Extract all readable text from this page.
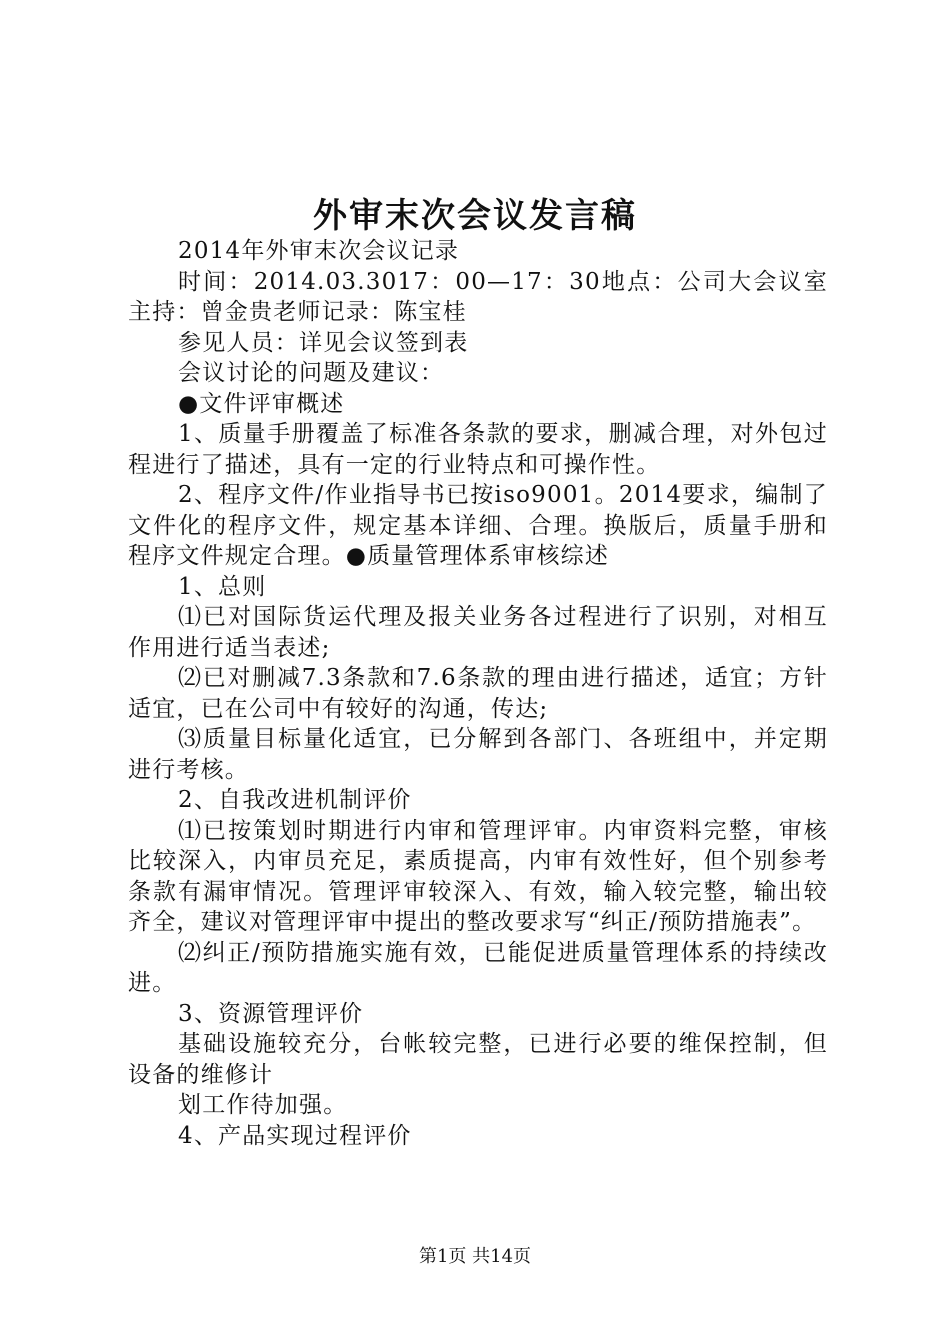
外审末次会议发言稿

2014年外审末次会议记录

时间：2014.03.3017：00—17：30地点：公司大会议室主持：曾金贵老师记录：陈宝桂

参见人员：详见会议签到表

会议讨论的问题及建议：

●文件评审概述

1、质量手册覆盖了标准各条款的要求，删减合理，对外包过程进行了描述，具有一定的行业特点和可操作性。

2、程序文件/作业指导书已按iso9001。2014要求，编制了文件化的程序文件，规定基本详细、合理。换版后，质量手册和程序文件规定合理。●质量管理体系审核综述

1、总则

⑴已对国际货运代理及报关业务各过程进行了识别，对相互作用进行适当表述;

⑵已对删减7.3条款和7.6条款的理由进行描述，适宜；方针适宜，已在公司中有较好的沟通，传达;

⑶质量目标量化适宜，已分解到各部门、各班组中，并定期进行考核。

2、自我改进机制评价

⑴已按策划时期进行内审和管理评审。内审资料完整，审核比较深入，内审员充足，素质提高，内审有效性好，但个别参考条款有漏审情况。管理评审较深入、有效，输入较完整，输出较齐全，建议对管理评审中提出的整改要求写“纠正/预防措施表”。

⑵纠正/预防措施实施有效，已能促进质量管理体系的持续改进。

3、资源管理评价

基础设施较充分，台帐较完整，已进行必要的维保控制，但设备的维修计

划工作待加强。

4、产品实现过程评价

第1页 共14页
